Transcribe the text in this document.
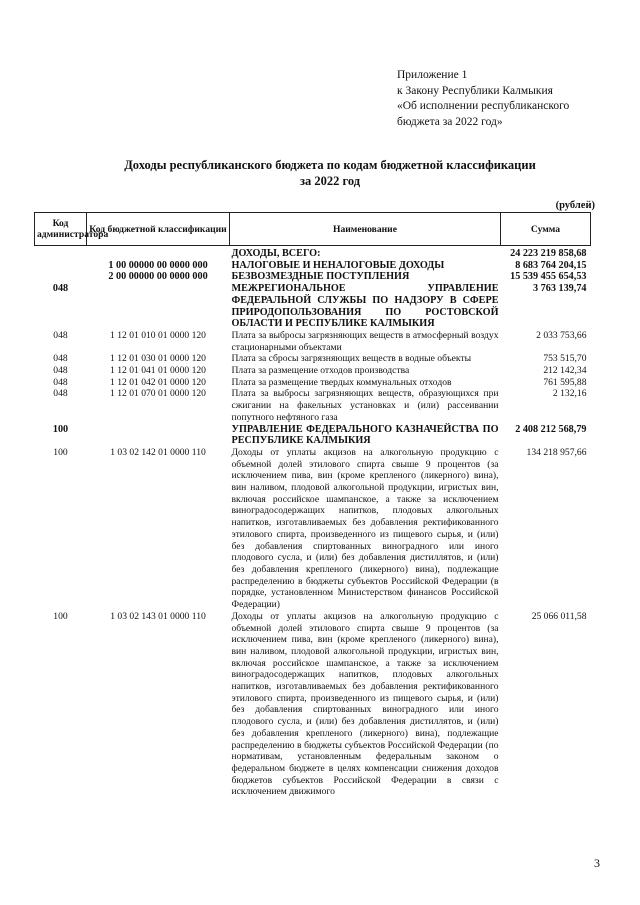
Приложение 1
к Закону Республики Калмыкия
«Об исполнении республиканского
бюджета за 2022 год»
Доходы республиканского бюджета по кодам бюджетной классификации
за 2022 год
(рублей)
Код администратора	Код бюджетной классификации	Наименование	Сумма
		ДОХОДЫ, ВСЕГО:	24 223 219 858,68
	1 00 00000 00 0000 000	НАЛОГОВЫЕ И НЕНАЛОГОВЫЕ ДОХОДЫ	8 683 764 204,15
	2 00 00000 00 0000 000	БЕЗВОЗМЕЗДНЫЕ ПОСТУПЛЕНИЯ	15 539 455 654,53
048		МЕЖРЕГИОНАЛЬНОЕ УПРАВЛЕНИЕ ФЕДЕРАЛЬНОЙ СЛУЖБЫ ПО НАДЗОРУ В СФЕРЕ ПРИРОДОПОЛЬЗОВАНИЯ ПО РОСТОВСКОЙ ОБЛАСТИ И РЕСПУБЛИКЕ КАЛМЫКИЯ	3 763 139,74
048	1 12 01 010 01 0000 120	Плата за выбросы загрязняющих веществ в атмосферный воздух стационарными объектами	2 033 753,66
048	1 12 01 030 01 0000 120	Плата за сбросы загрязняющих веществ в водные объекты	753 515,70
048	1 12 01 041 01 0000 120	Плата за размещение отходов производства	212 142,34
048	1 12 01 042 01 0000 120	Плата за размещение твердых коммунальных отходов	761 595,88
048	1 12 01 070 01 0000 120	Плата за выбросы загрязняющих веществ, образующихся при сжигании на факельных установках и (или) рассеивании попутного нефтяного газа	2 132,16
100		УПРАВЛЕНИЕ ФЕДЕРАЛЬНОГО КАЗНАЧЕЙСТВА ПО РЕСПУБЛИКЕ КАЛМЫКИЯ	2 408 212 568,79
100	1 03 02 142 01 0000 110	Доходы от уплаты акцизов на алкогольную продукцию с объемной долей этилового спирта свыше 9 процентов (за исключением пива, вин (кроме крепленого (ликерного) вина), вин наливом, плодовой алкогольной продукции, игристых вин, включая российское шампанское, а также за исключением виноградосодержащих напитков, плодовых алкогольных напитков, изготавливаемых без добавления ректификованного этилового спирта, произведенного из пищевого сырья, и (или) без добавления спиртованных виноградного или иного плодового сусла, и (или) без добавления дистиллятов, и (или) без добавления крепленого (ликерного) вина), подлежащие распределению в бюджеты субъектов Российской Федерации (в порядке, установленном Министерством финансов Российской Федерации)	134 218 957,66
100	1 03 02 143 01 0000 110	Доходы от уплаты акцизов на алкогольную продукцию с объемной долей этилового спирта свыше 9 процентов (за исключением пива, вин (кроме крепленого (ликерного) вина), вин наливом, плодовой алкогольной продукции, игристых вин, включая российское шампанское, а также за исключением виноградосодержащих напитков, плодовых алкогольных напитков, изготавливаемых без добавления ректификованного этилового спирта, произведенного из пищевого сырья, и (или) без добавления спиртованных виноградного или иного плодового сусла, и (или) без добавления дистиллятов, и (или) без добавления крепленого (ликерного) вина), подлежащие распределению в бюджеты субъектов Российской Федерации (по нормативам, установленным федеральным законом о федеральном бюджете в целях компенсации снижения доходов бюджетов субъектов Российской Федерации в связи с исключением движимого	25 066 011,58
3
